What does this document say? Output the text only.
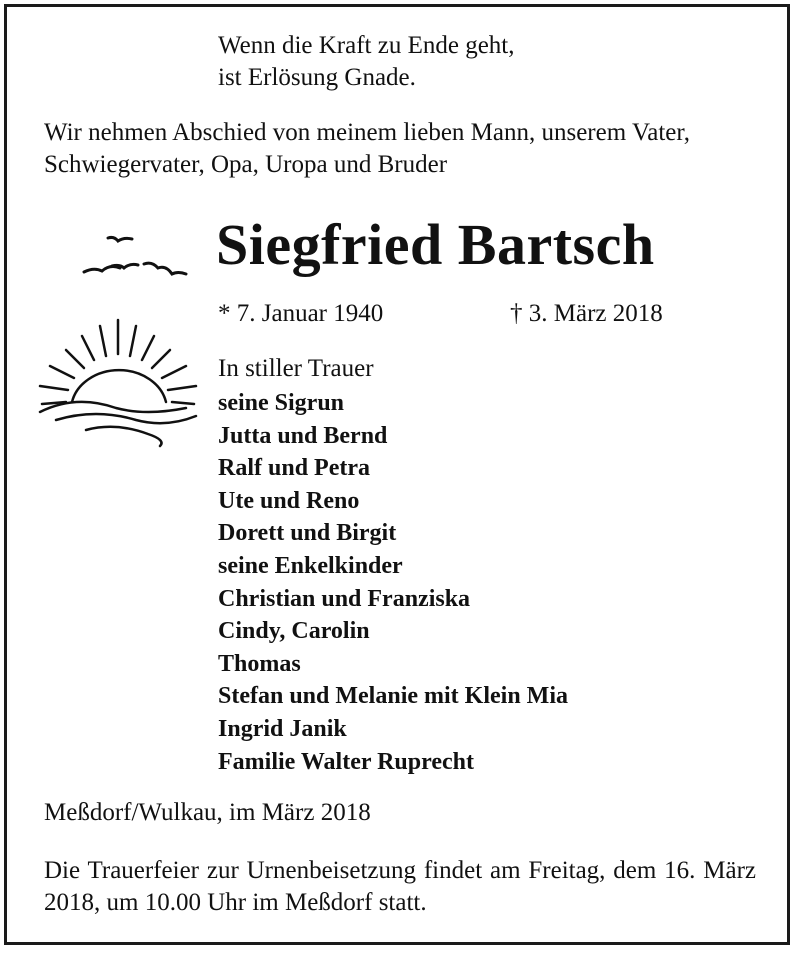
Wenn die Kraft zu Ende geht,
ist Erlösung Gnade.
Wir nehmen Abschied von meinem lieben Mann, unserem Vater,
Schwiegervater, Opa, Uropa und Bruder
Siegfried Bartsch
* 7. Januar 1940	† 3. März 2018
In stiller Trauer
seine Sigrun
Jutta und Bernd
Ralf und Petra
Ute und Reno
Dorett und Birgit
seine Enkelkinder
Christian und Franziska
Cindy, Carolin
Thomas
Stefan und Melanie mit Klein Mia
Ingrid Janik
Familie Walter Ruprecht
Meßdorf/Wulkau, im März 2018
Die Trauerfeier zur Urnenbeisetzung findet am Freitag, dem 16. März 2018, um 10.00 Uhr im Meßdorf statt.
